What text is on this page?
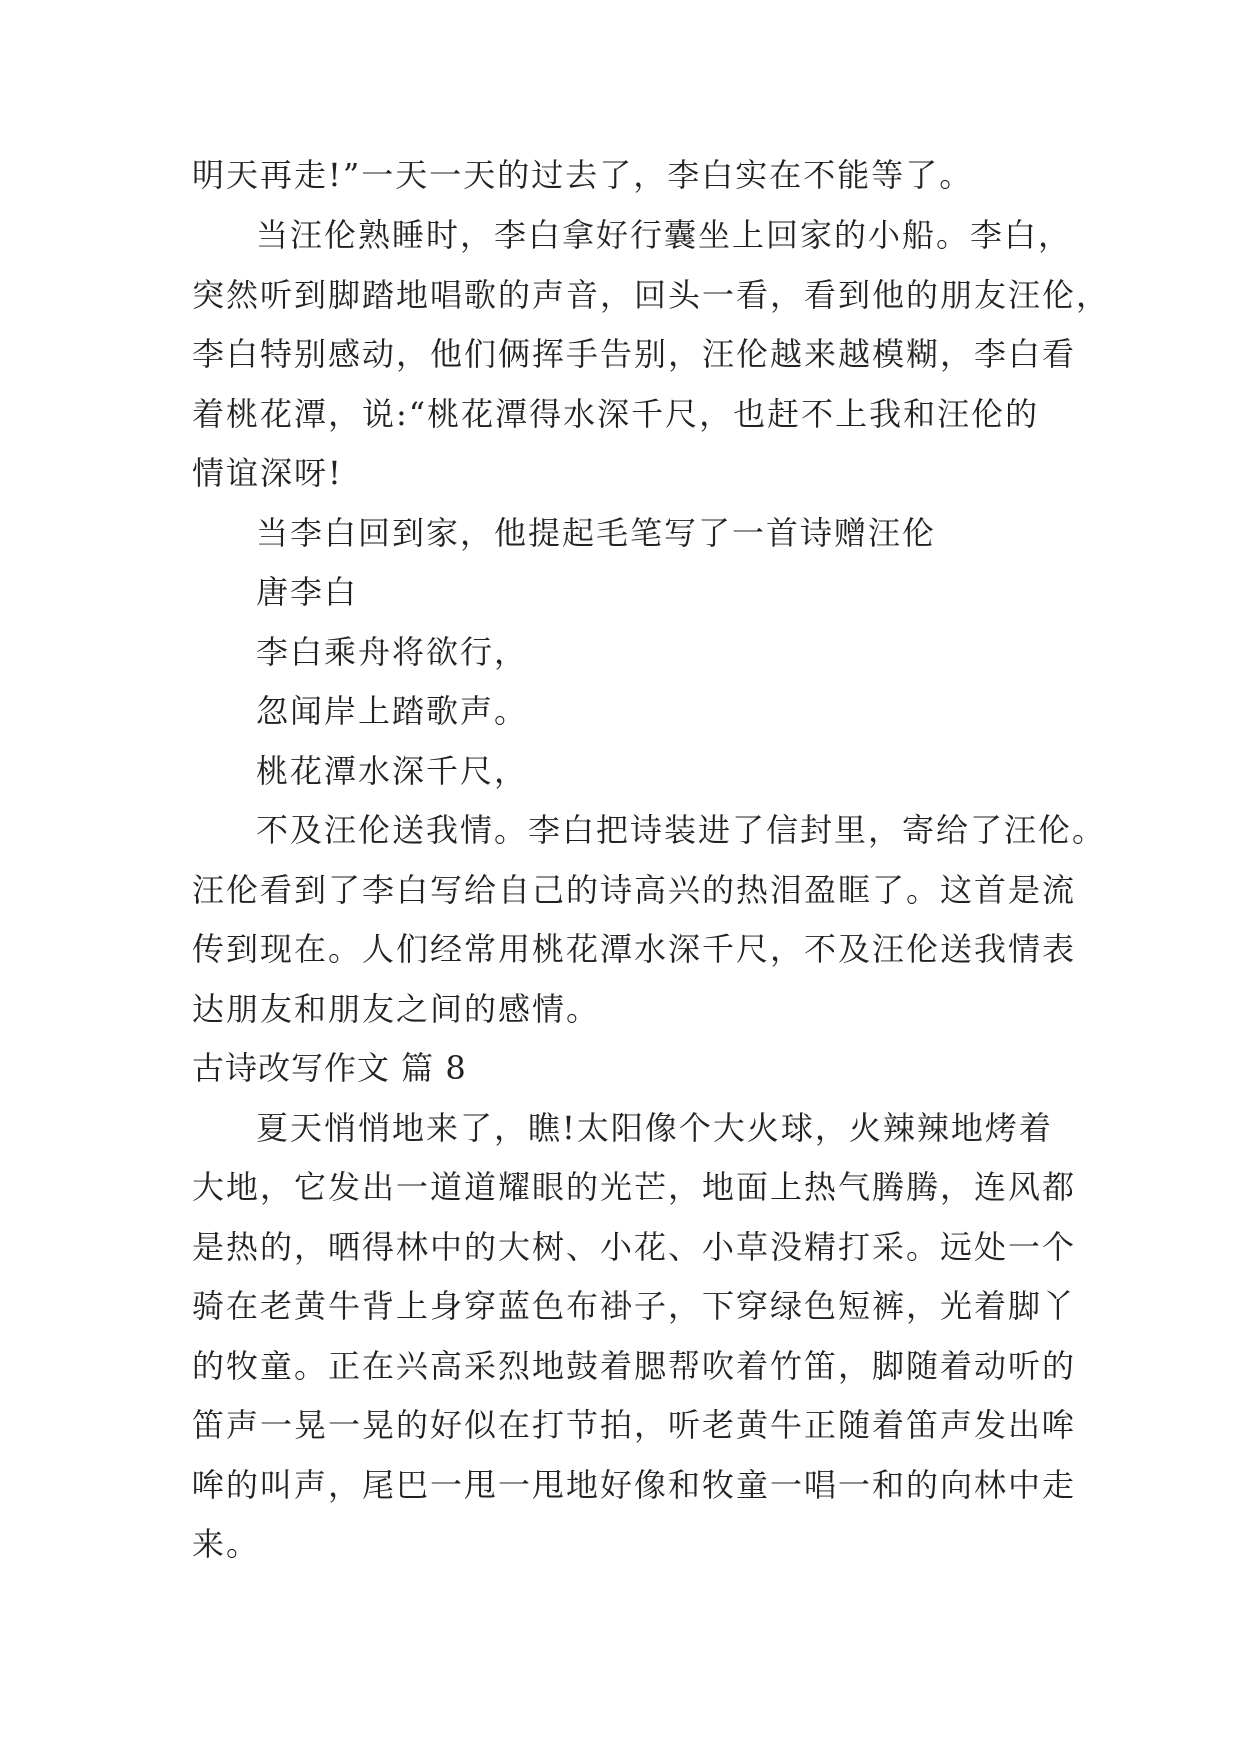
明天再走!”一天一天的过去了，李白实在不能等了。
当汪伦熟睡时，李白拿好行囊坐上回家的小船。李白，
突然听到脚踏地唱歌的声音，回头一看，看到他的朋友汪伦，
李白特别感动，他们俩挥手告别，汪伦越来越模糊，李白看
着桃花潭，说:“桃花潭得水深千尺，也赶不上我和汪伦的
情谊深呀!
当李白回到家，他提起毛笔写了一首诗赠汪伦
唐李白
李白乘舟将欲行，
忽闻岸上踏歌声。
桃花潭水深千尺，
不及汪伦送我情。李白把诗装进了信封里，寄给了汪伦。
汪伦看到了李白写给自己的诗高兴的热泪盈眶了。这首是流
传到现在。人们经常用桃花潭水深千尺，不及汪伦送我情表
达朋友和朋友之间的感情。
古诗改写作文 篇 8
夏天悄悄地来了，瞧!太阳像个大火球，火辣辣地烤着
大地，它发出一道道耀眼的光芒，地面上热气腾腾，连风都
是热的，晒得林中的大树、小花、小草没精打采。远处一个
骑在老黄牛背上身穿蓝色布褂子，下穿绿色短裤，光着脚丫
的牧童。正在兴高采烈地鼓着腮帮吹着竹笛，脚随着动听的
笛声一晃一晃的好似在打节拍，听老黄牛正随着笛声发出哞
哞的叫声，尾巴一甩一甩地好像和牧童一唱一和的向林中走
来。
